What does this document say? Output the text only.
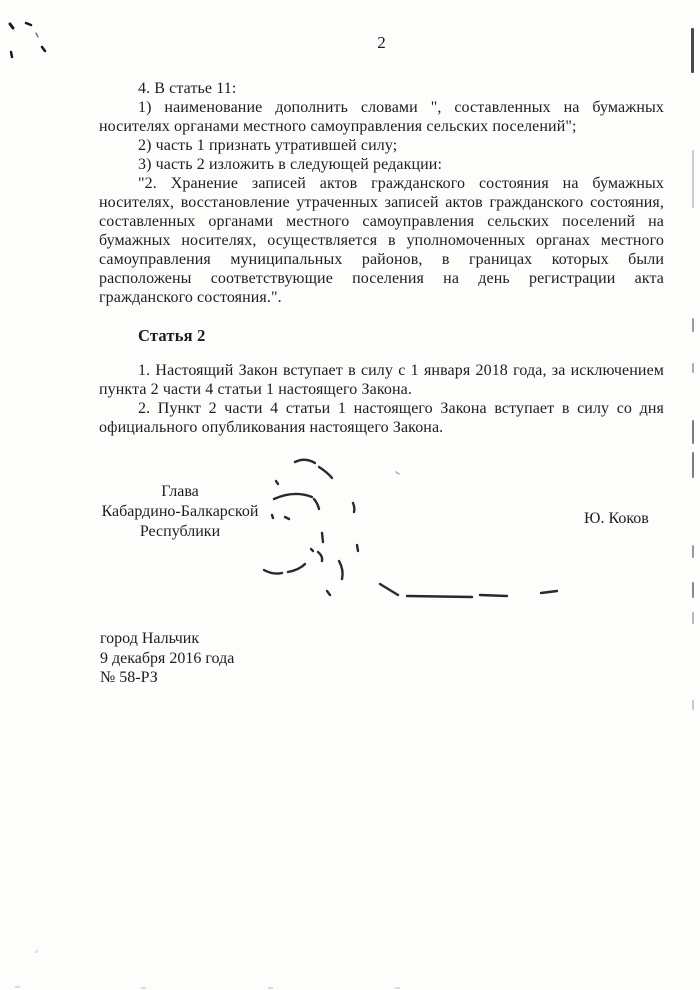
2

4. В статье 11:

1) наименование дополнить словами ", составленных на бумажных носителях органами местного самоуправления сельских поселений";

2) часть 1 признать утратившей силу;

3) часть 2 изложить в следующей редакции:

"2. Хранение записей актов гражданского состояния на бумажных носителях, восстановление утраченных записей актов гражданского состояния, составленных органами местного самоуправления сельских поселений на бумажных носителях, осуществляется в уполномоченных органах местного самоуправления муниципальных районов, в границах которых были расположены соответствующие поселения на день регистрации акта гражданского состояния.".

Статья 2

1. Настоящий Закон вступает в силу с 1 января 2018 года, за исключением пункта 2 части 4 статьи 1 настоящего Закона.

2. Пункт 2 части 4 статьи 1 настоящего Закона вступает в силу со дня официального опубликования настоящего Закона.

Глава
Кабардино-Балкарской
Республики
Ю. Коков
город Нальчик
9 декабря 2016 года
№ 58-РЗ
